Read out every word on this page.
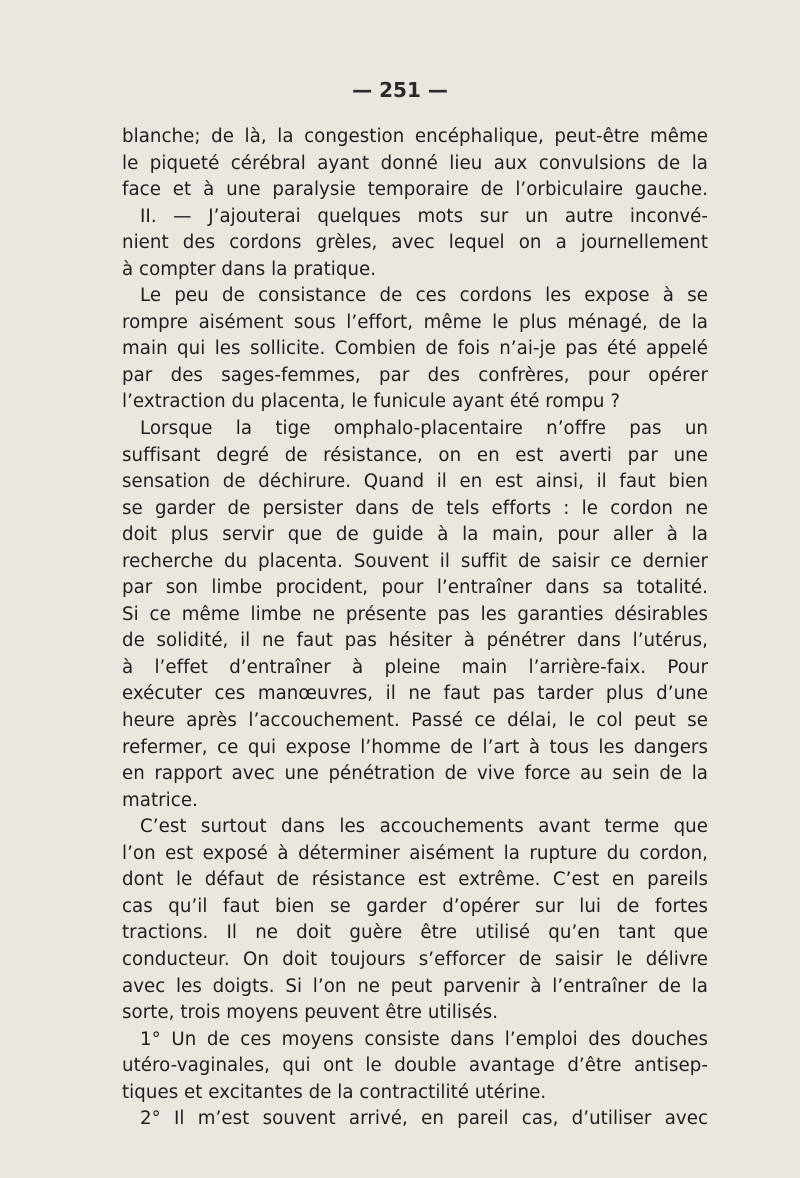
— 251 —
blanche; de là, la congestion encéphalique, peut-être même
le piqueté cérébral ayant donné lieu aux convulsions de la
face et à une paralysie temporaire de l’orbiculaire gauche.
II. — J’ajouterai quelques mots sur un autre inconvé-
nient des cordons grèles, avec lequel on a journellement
à compter dans la pratique.
Le peu de consistance de ces cordons les expose à se
rompre aisément sous l’effort, même le plus ménagé, de la
main qui les sollicite. Combien de fois n’ai-je pas été appelé
par des sages-femmes, par des confrères, pour opérer
l’extraction du placenta, le funicule ayant été rompu ?
Lorsque la tige omphalo-placentaire n’offre pas un
suffisant degré de résistance, on en est averti par une
sensation de déchirure. Quand il en est ainsi, il faut bien
se garder de persister dans de tels efforts : le cordon ne
doit plus servir que de guide à la main, pour aller à la
recherche du placenta. Souvent il suffit de saisir ce dernier
par son limbe procident, pour l’entraîner dans sa totalité.
Si ce même limbe ne présente pas les garanties désirables
de solidité, il ne faut pas hésiter à pénétrer dans l’utérus,
à l’effet d’entraîner à pleine main l’arrière-faix. Pour
exécuter ces manœuvres, il ne faut pas tarder plus d’une
heure après l’accouchement. Passé ce délai, le col peut se
refermer, ce qui expose l’homme de l’art à tous les dangers
en rapport avec une pénétration de vive force au sein de la
matrice.
C’est surtout dans les accouchements avant terme que
l’on est exposé à déterminer aisément la rupture du cordon,
dont le défaut de résistance est extrême. C’est en pareils
cas qu’il faut bien se garder d’opérer sur lui de fortes
tractions. Il ne doit guère être utilisé qu’en tant que
conducteur. On doit toujours s’efforcer de saisir le délivre
avec les doigts. Si l’on ne peut parvenir à l’entraîner de la
sorte, trois moyens peuvent être utilisés.
1° Un de ces moyens consiste dans l’emploi des douches
utéro-vaginales, qui ont le double avantage d’être antisep-
tiques et excitantes de la contractilité utérine.
2° Il m’est souvent arrivé, en pareil cas, d’utiliser avec
